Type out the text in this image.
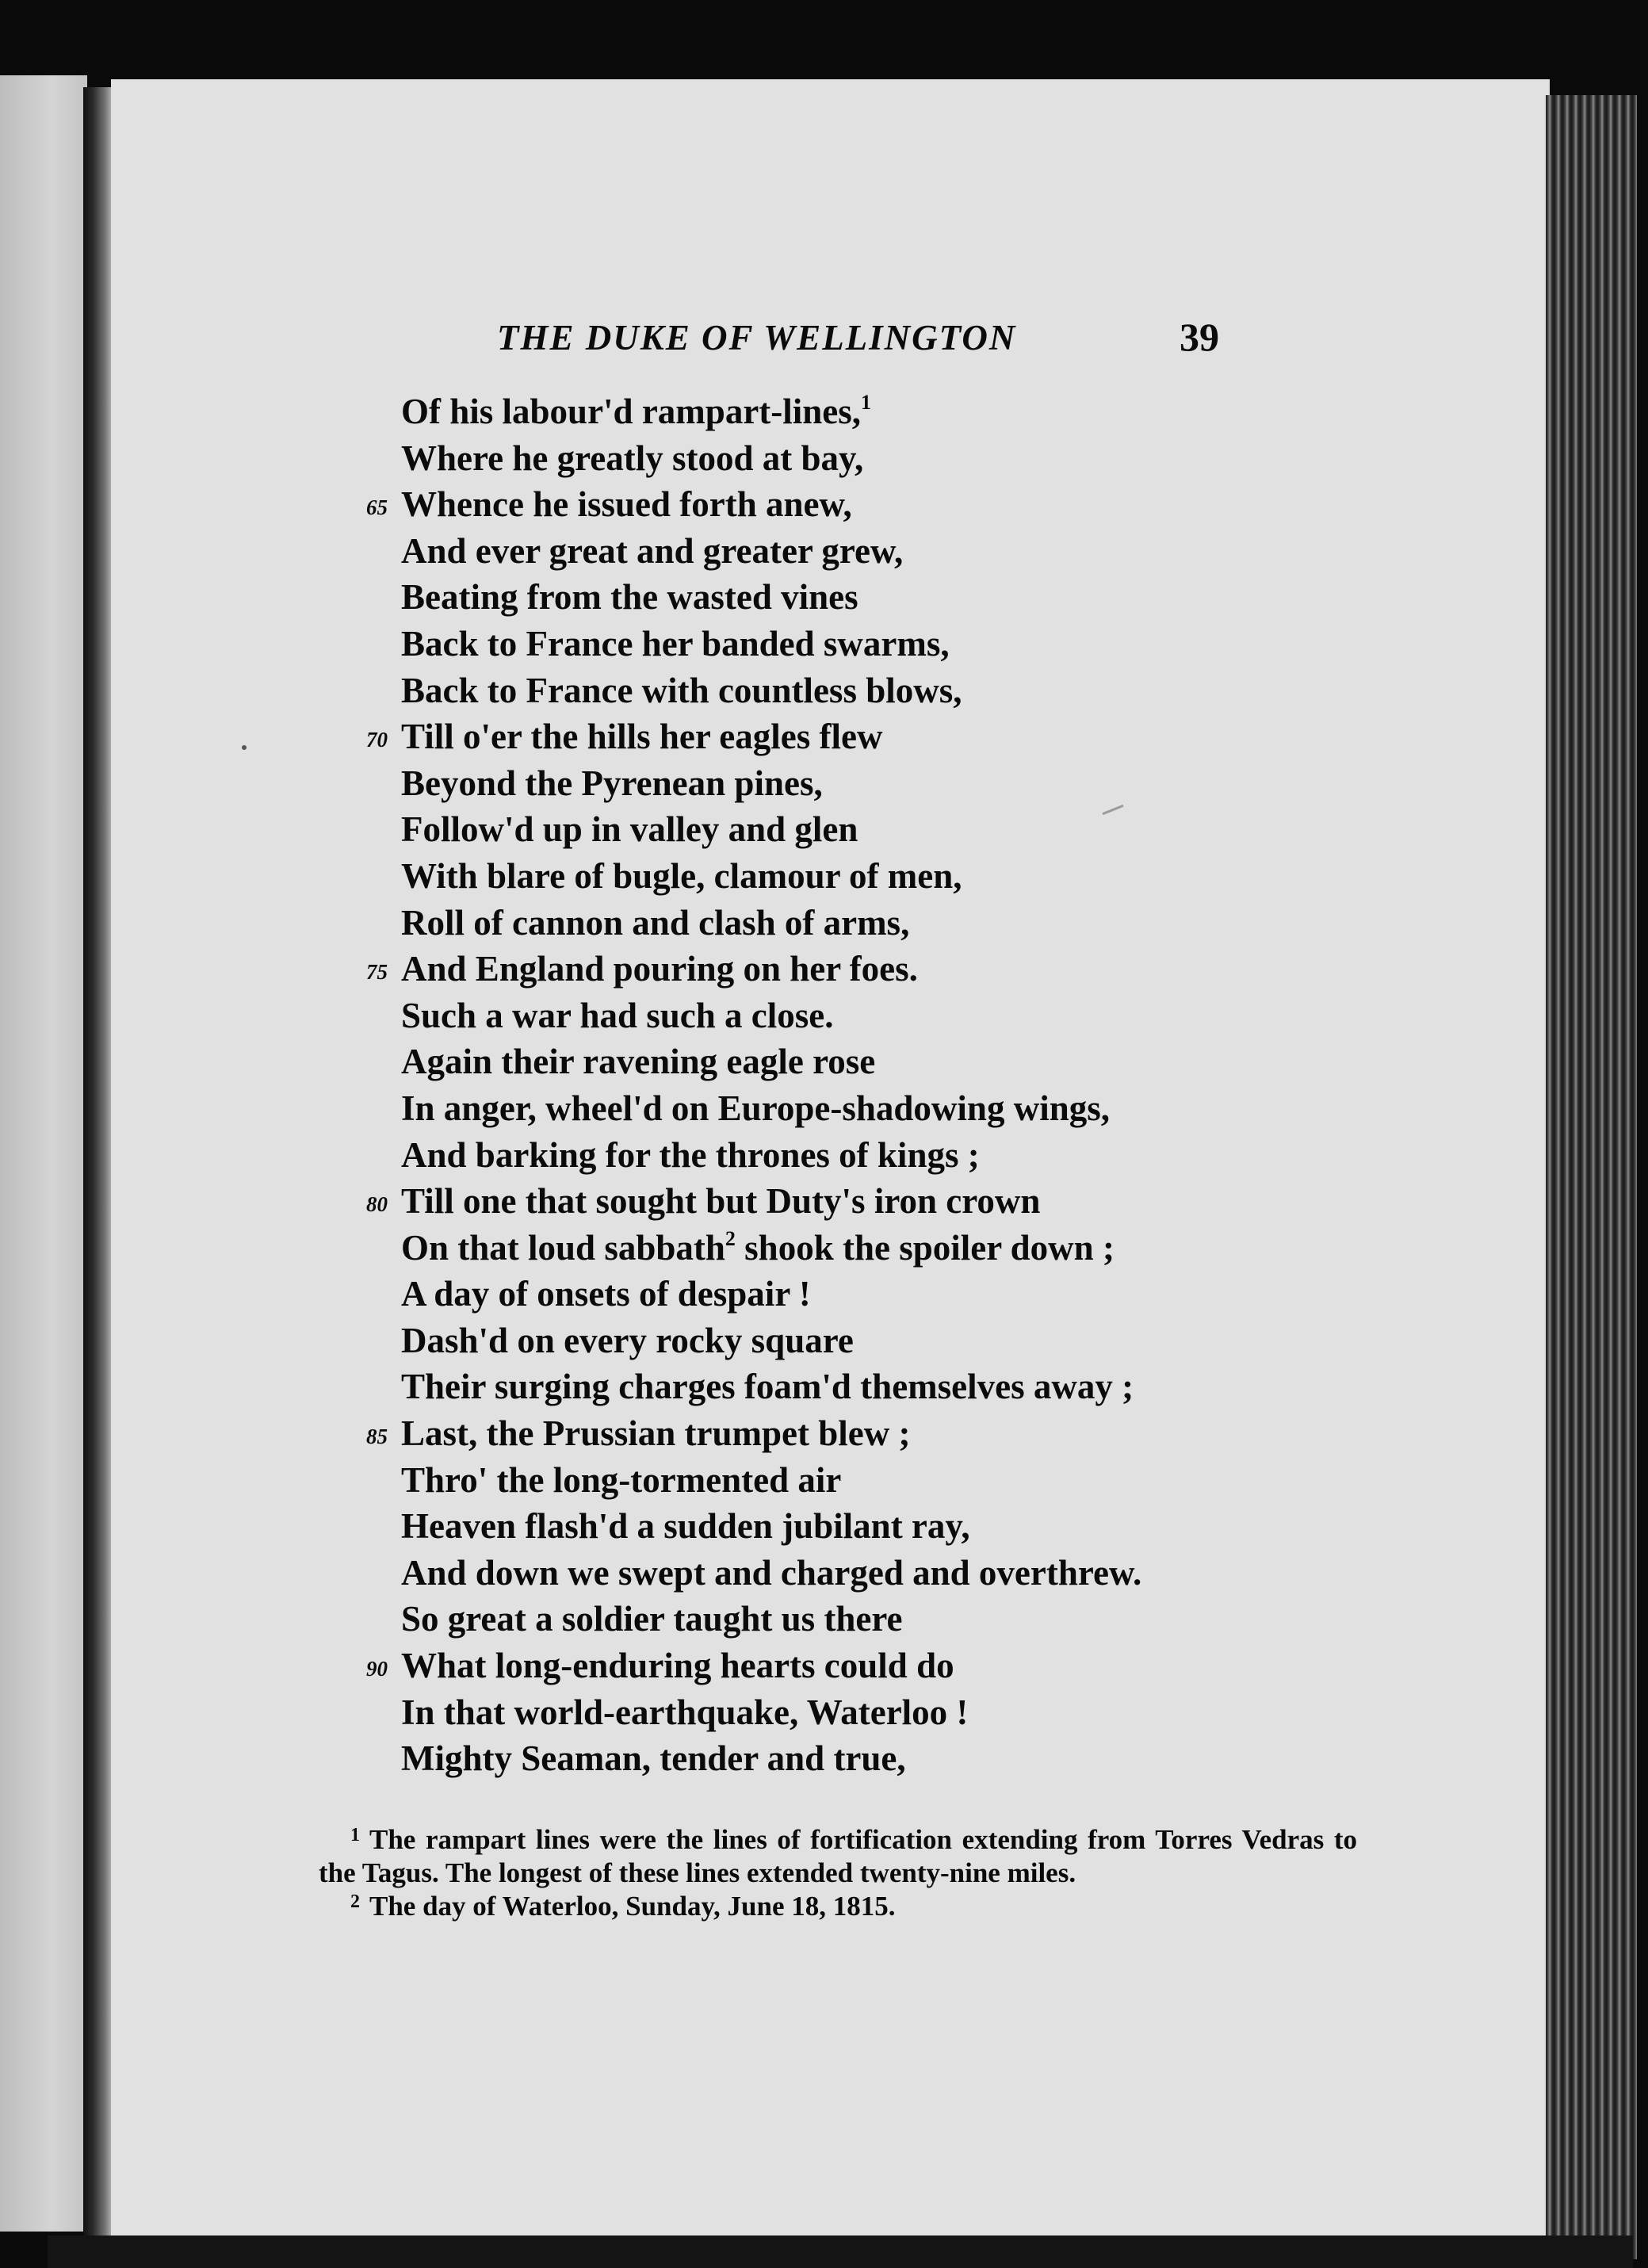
THE DUKE OF WELLINGTON	39
Of his labour'd rampart-lines,$^1$
Where he greatly stood at bay,
65 Whence he issued forth anew,
And ever great and greater grew,
Beating from the wasted vines
Back to France her banded swarms,
Back to France with countless blows,
70 Till o'er the hills her eagles flew
Beyond the Pyrenean pines,
Follow'd up in valley and glen
With blare of bugle, clamour of men,
Roll of cannon and clash of arms,
75 And England pouring on her foes.
Such a war had such a close.
Again their ravening eagle rose
In anger, wheel'd on Europe-shadowing wings,
And barking for the thrones of kings ;
80 Till one that sought but Duty's iron crown
On that loud sabbath$^2$ shook the spoiler down ;
A day of onsets of despair !
Dash'd on every rocky square
Their surging charges foam'd themselves away ;
85 Last, the Prussian trumpet blew ;
Thro' the long-tormented air
Heaven flash'd a sudden jubilant ray,
And down we swept and charged and overthrew.
So great a soldier taught us there
90 What long-enduring hearts could do
In that world-earthquake, Waterloo !
Mighty Seaman, tender and true,

$^1$ The rampart lines were the lines of fortification extending from Torres Vedras to the Tagus. The longest of these lines extended twenty-nine miles.

$^2$ The day of Waterloo, Sunday, June 18, 1815.
